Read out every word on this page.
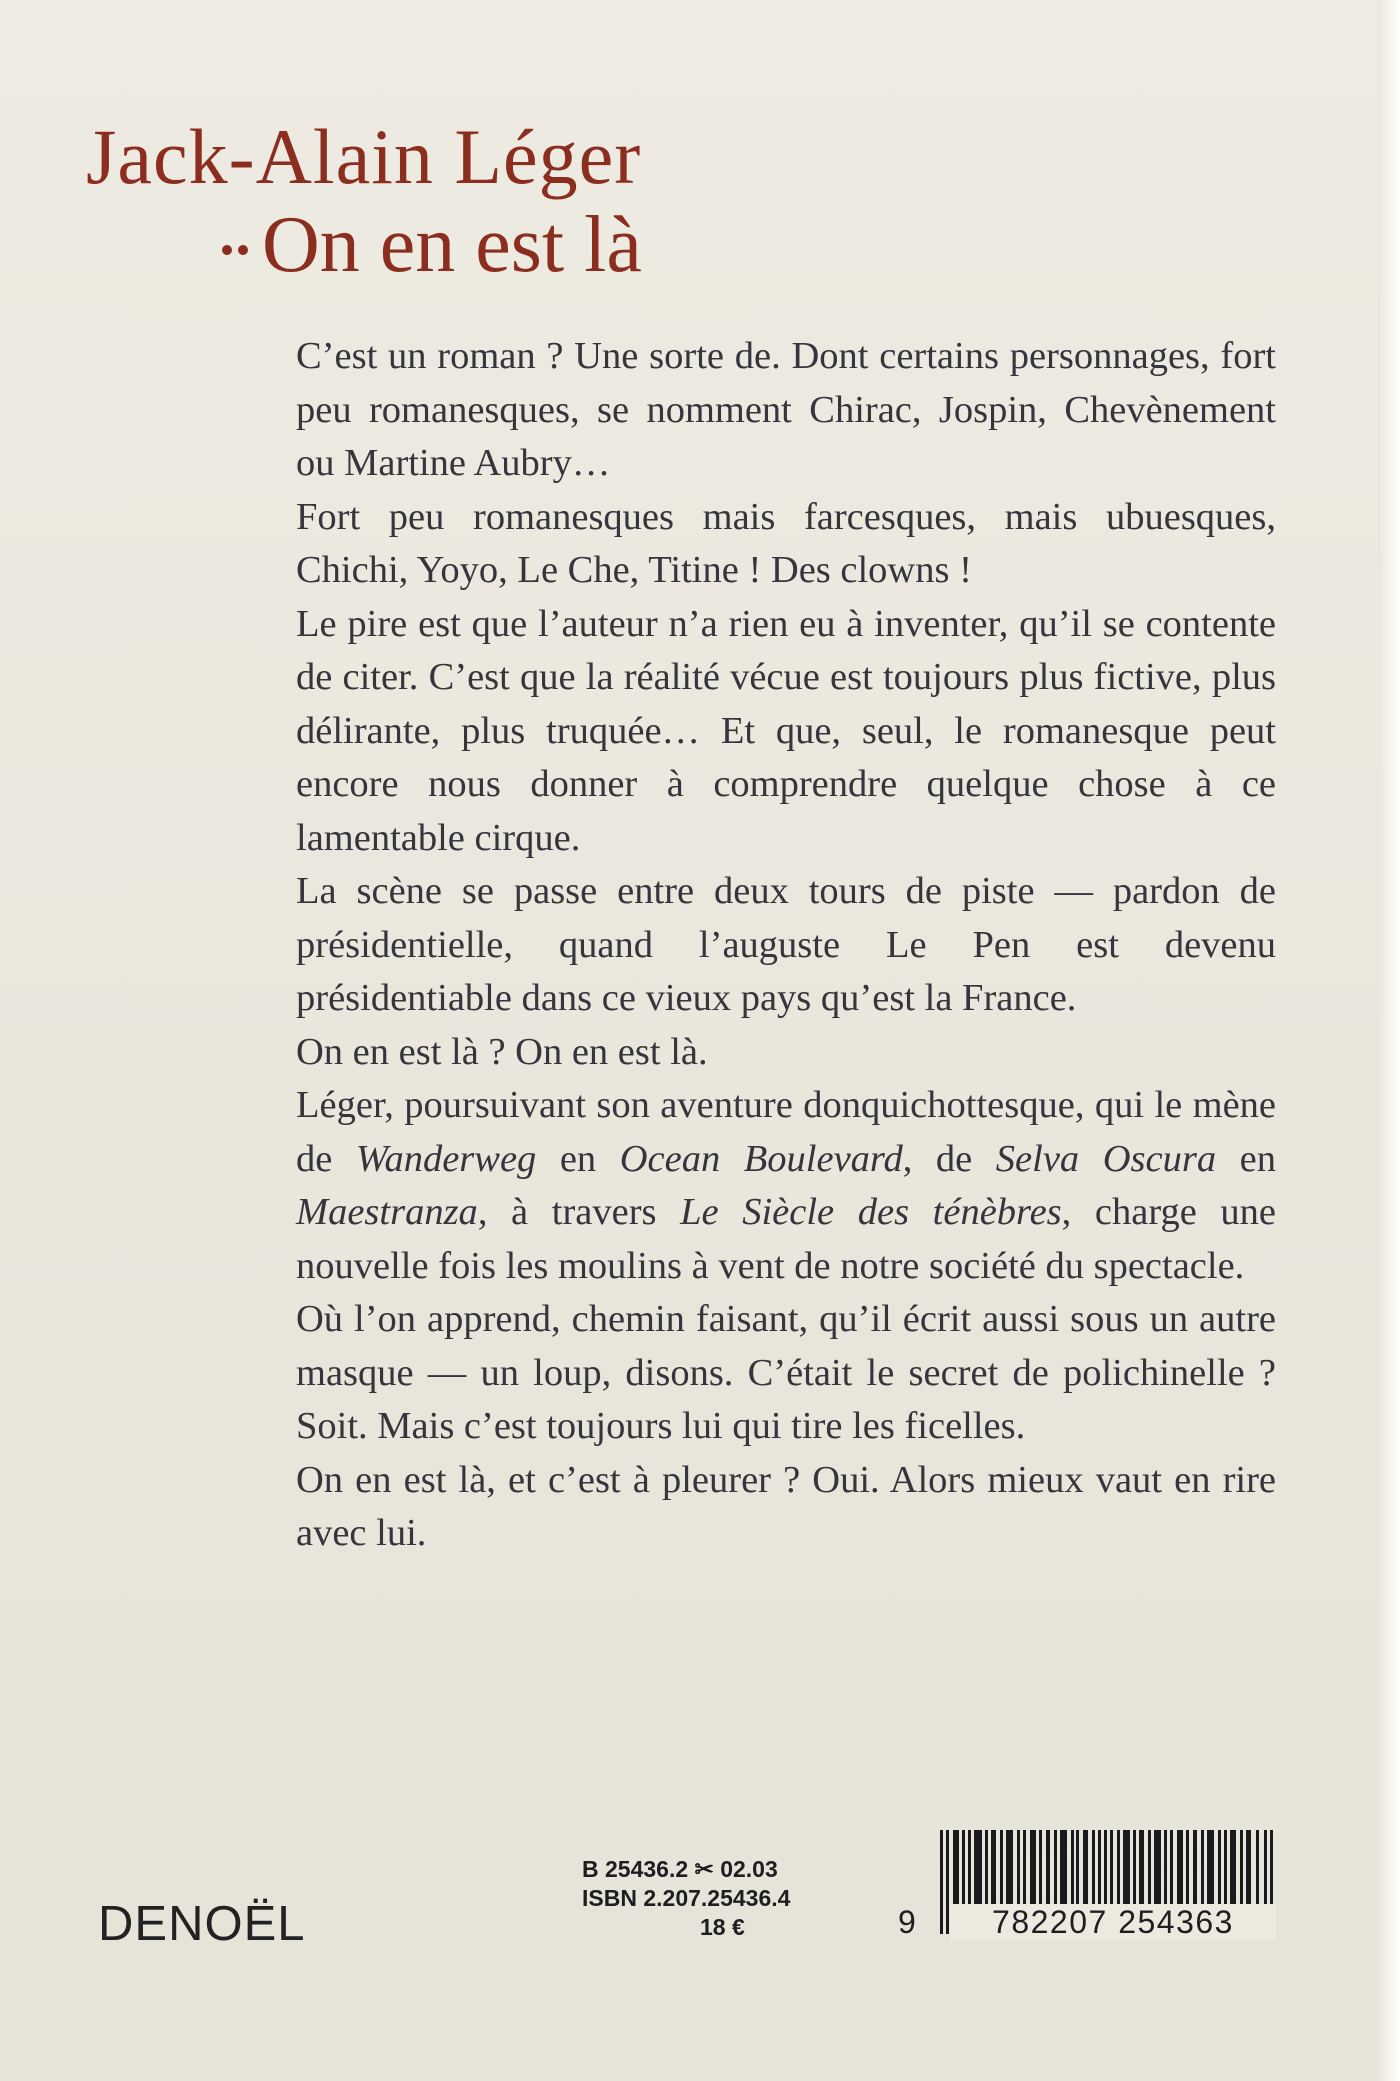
Jack-Alain Léger
On en est là

C’est un roman ? Une sorte de. Dont certains personnages, fort peu romanesques, se nomment Chirac, Jospin, Chevènement ou Martine Aubry…

Fort peu romanesques mais farcesques, mais ubuesques, Chichi, Yoyo, Le Che, Titine ! Des clowns !

Le pire est que l’auteur n’a rien eu à inventer, qu’il se contente de citer. C’est que la réalité vécue est toujours plus fictive, plus délirante, plus truquée… Et que, seul, le romanesque peut encore nous donner à comprendre quelque chose à ce lamentable cirque.

La scène se passe entre deux tours de piste — pardon de présidentielle, quand l’auguste Le Pen est devenu présidentiable dans ce vieux pays qu’est la France.

On en est là ? On en est là.

Léger, poursuivant son aventure donquichottesque, qui le mène de Wanderweg en Ocean Boulevard, de Selva Oscura en Maestranza, à travers Le Siècle des ténèbres, charge une nouvelle fois les moulins à vent de notre société du spectacle.

Où l’on apprend, chemin faisant, qu’il écrit aussi sous un autre masque — un loup, disons. C’était le secret de polichinelle ? Soit. Mais c’est toujours lui qui tire les ficelles.

On en est là, et c’est à pleurer ? Oui. Alors mieux vaut en rire avec lui.

DENOËL
B 25436.2 ✂ 02.03
ISBN 2.207.25436.4
18 €	9	782207 254363
